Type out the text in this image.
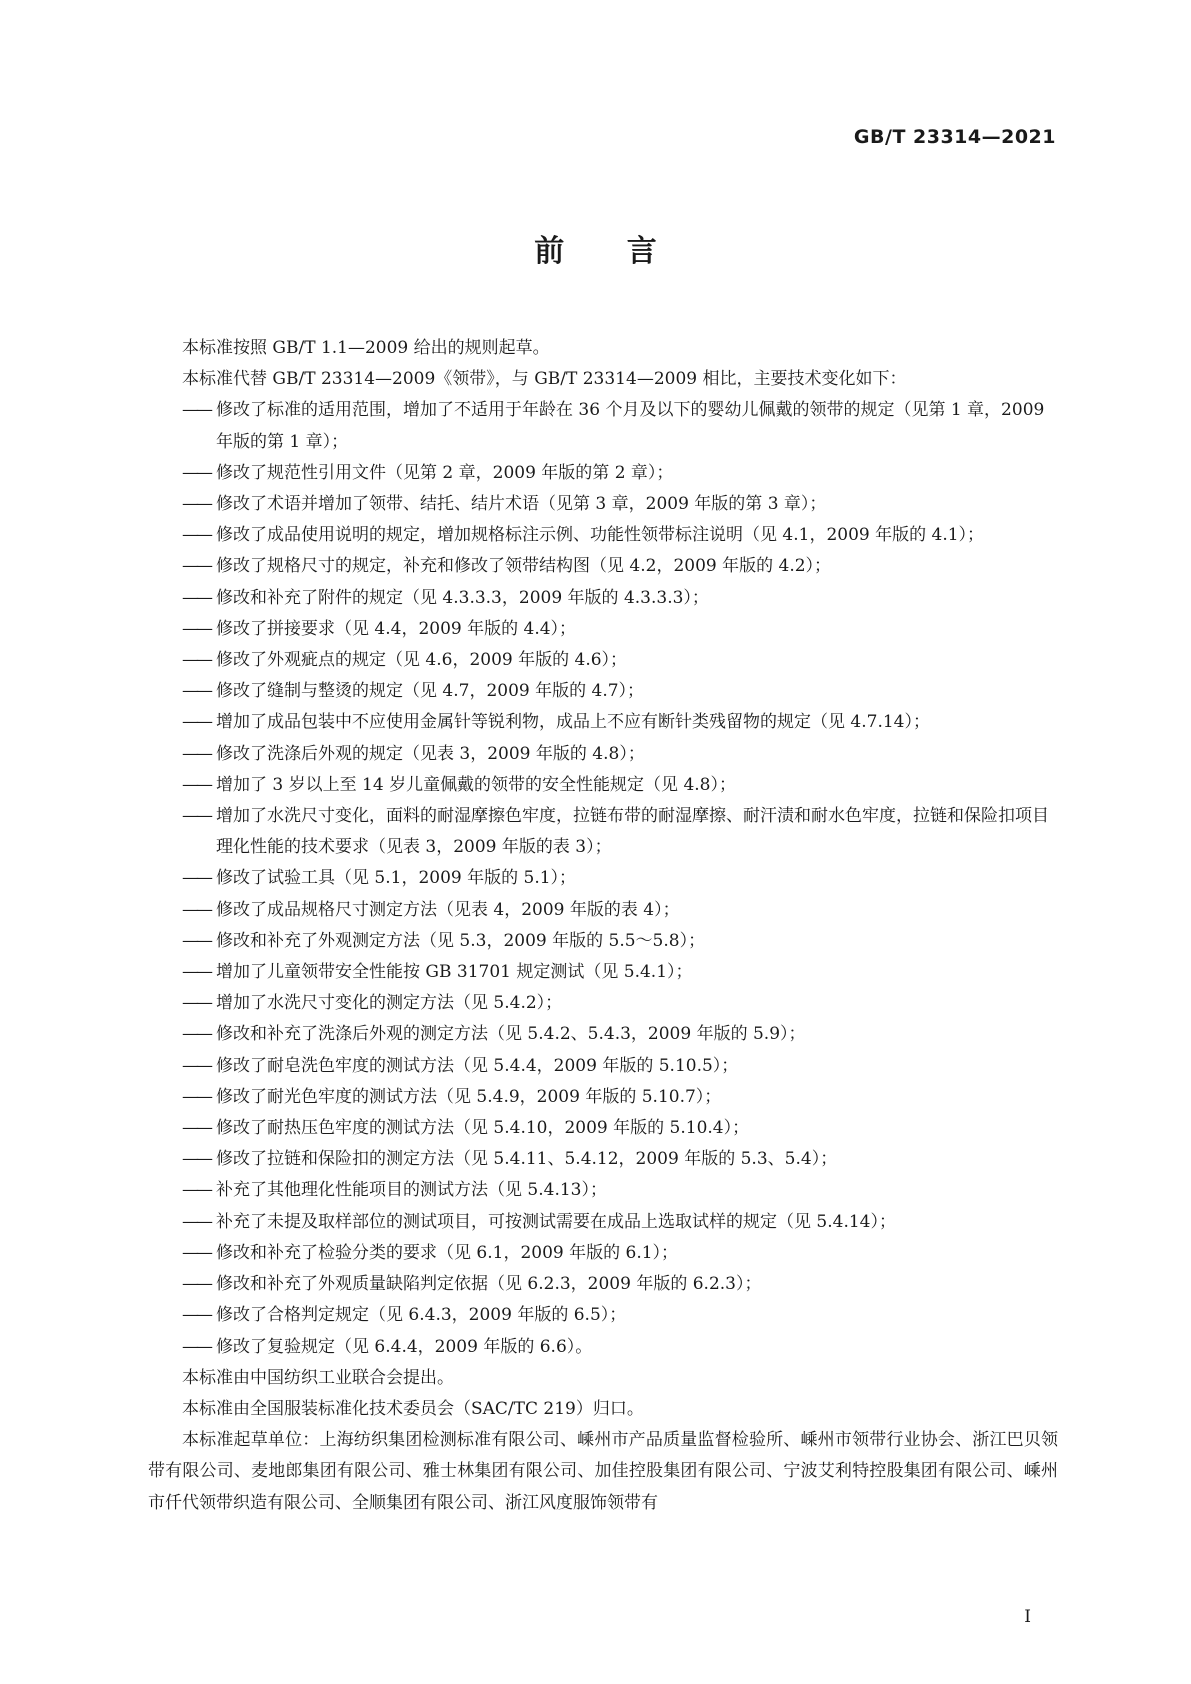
GB/T 23314—2021
前 言

本标准按照 GB/T 1.1—2009 给出的规则起草。

本标准代替 GB/T 23314—2009《领带》，与 GB/T 23314—2009 相比，主要技术变化如下：

—— 修改了标准的适用范围，增加了不适用于年龄在 36 个月及以下的婴幼儿佩戴的领带的规定（见第 1 章，2009 年版的第 1 章）；

—— 修改了规范性引用文件（见第 2 章，2009 年版的第 2 章）；

—— 修改了术语并增加了领带、结托、结片术语（见第 3 章，2009 年版的第 3 章）；

—— 修改了成品使用说明的规定，增加规格标注示例、功能性领带标注说明（见 4.1，2009 年版的 4.1）；

—— 修改了规格尺寸的规定，补充和修改了领带结构图（见 4.2，2009 年版的 4.2）；

—— 修改和补充了附件的规定（见 4.3.3.3，2009 年版的 4.3.3.3）；

—— 修改了拼接要求（见 4.4，2009 年版的 4.4）；

—— 修改了外观疵点的规定（见 4.6，2009 年版的 4.6）；

—— 修改了缝制与整烫的规定（见 4.7，2009 年版的 4.7）；

—— 增加了成品包装中不应使用金属针等锐利物，成品上不应有断针类残留物的规定（见 4.7.14）；

—— 修改了洗涤后外观的规定（见表 3，2009 年版的 4.8）；

—— 增加了 3 岁以上至 14 岁儿童佩戴的领带的安全性能规定（见 4.8）；

—— 增加了水洗尺寸变化，面料的耐湿摩擦色牢度，拉链布带的耐湿摩擦、耐汗渍和耐水色牢度，拉链和保险扣项目理化性能的技术要求（见表 3，2009 年版的表 3）；

—— 修改了试验工具（见 5.1，2009 年版的 5.1）；

—— 修改了成品规格尺寸测定方法（见表 4，2009 年版的表 4）；

—— 修改和补充了外观测定方法（见 5.3，2009 年版的 5.5～5.8）；

—— 增加了儿童领带安全性能按 GB 31701 规定测试（见 5.4.1）；

—— 增加了水洗尺寸变化的测定方法（见 5.4.2）；

—— 修改和补充了洗涤后外观的测定方法（见 5.4.2、5.4.3，2009 年版的 5.9）；

—— 修改了耐皂洗色牢度的测试方法（见 5.4.4，2009 年版的 5.10.5）；

—— 修改了耐光色牢度的测试方法（见 5.4.9，2009 年版的 5.10.7）；

—— 修改了耐热压色牢度的测试方法（见 5.4.10，2009 年版的 5.10.4）；

—— 修改了拉链和保险扣的测定方法（见 5.4.11、5.4.12，2009 年版的 5.3、5.4）；

—— 补充了其他理化性能项目的测试方法（见 5.4.13）；

—— 补充了未提及取样部位的测试项目，可按测试需要在成品上选取试样的规定（见 5.4.14）；

—— 修改和补充了检验分类的要求（见 6.1，2009 年版的 6.1）；

—— 修改和补充了外观质量缺陷判定依据（见 6.2.3，2009 年版的 6.2.3）；

—— 修改了合格判定规定（见 6.4.3，2009 年版的 6.5）；

—— 修改了复验规定（见 6.4.4，2009 年版的 6.6）。

本标准由中国纺织工业联合会提出。

本标准由全国服装标准化技术委员会（SAC/TC 219）归口。

本标准起草单位：上海纺织集团检测标准有限公司、嵊州市产品质量监督检验所、嵊州市领带行业协会、浙江巴贝领带有限公司、麦地郎集团有限公司、雅士林集团有限公司、加佳控股集团有限公司、宁波艾利特控股集团有限公司、嵊州市仟代领带织造有限公司、全顺集团有限公司、浙江风度服饰领带有

I
